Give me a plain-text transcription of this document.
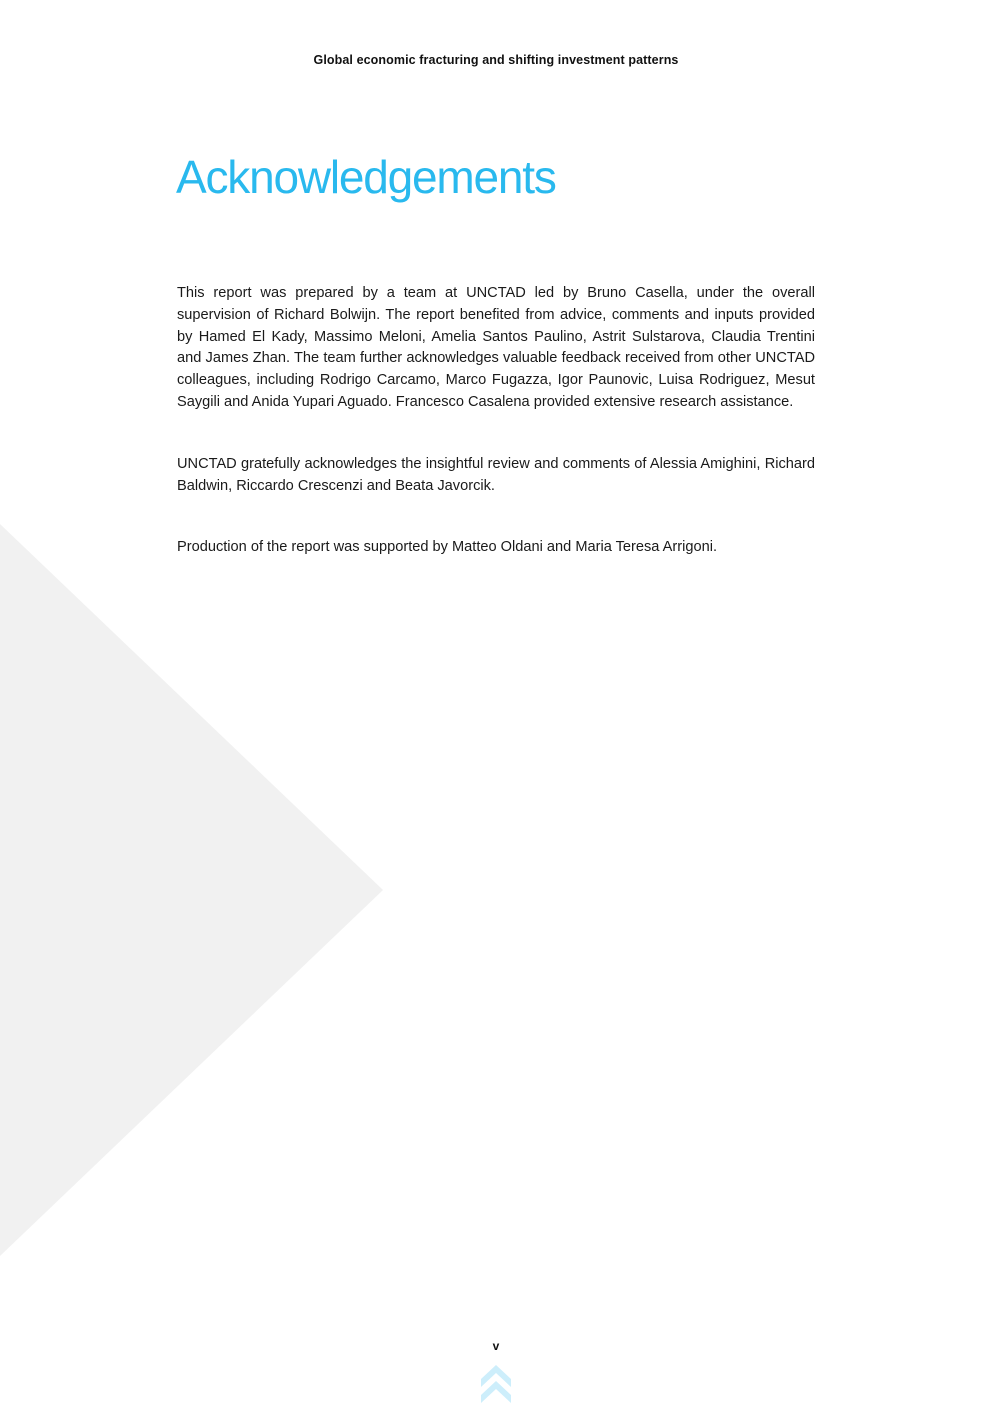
Global economic fracturing and shifting investment patterns
Acknowledgements

This report was prepared by a team at UNCTAD led by Bruno Casella, under the overall supervision of Richard Bolwijn. The report benefited from advice, comments and inputs provided by Hamed El Kady, Massimo Meloni, Amelia Santos Paulino, Astrit Sulstarova, Claudia Trentini and James Zhan. The team further acknowledges valuable feedback received from other UNCTAD colleagues, including Rodrigo Carcamo, Marco Fugazza, Igor Paunovic, Luisa Rodriguez, Mesut Saygili and Anida Yupari Aguado. Francesco Casalena provided extensive research assistance.

UNCTAD gratefully acknowledges the insightful review and comments of Alessia Amighini, Richard Baldwin, Riccardo Crescenzi and Beata Javorcik.

Production of the report was supported by Matteo Oldani and Maria Teresa Arrigoni.

v
